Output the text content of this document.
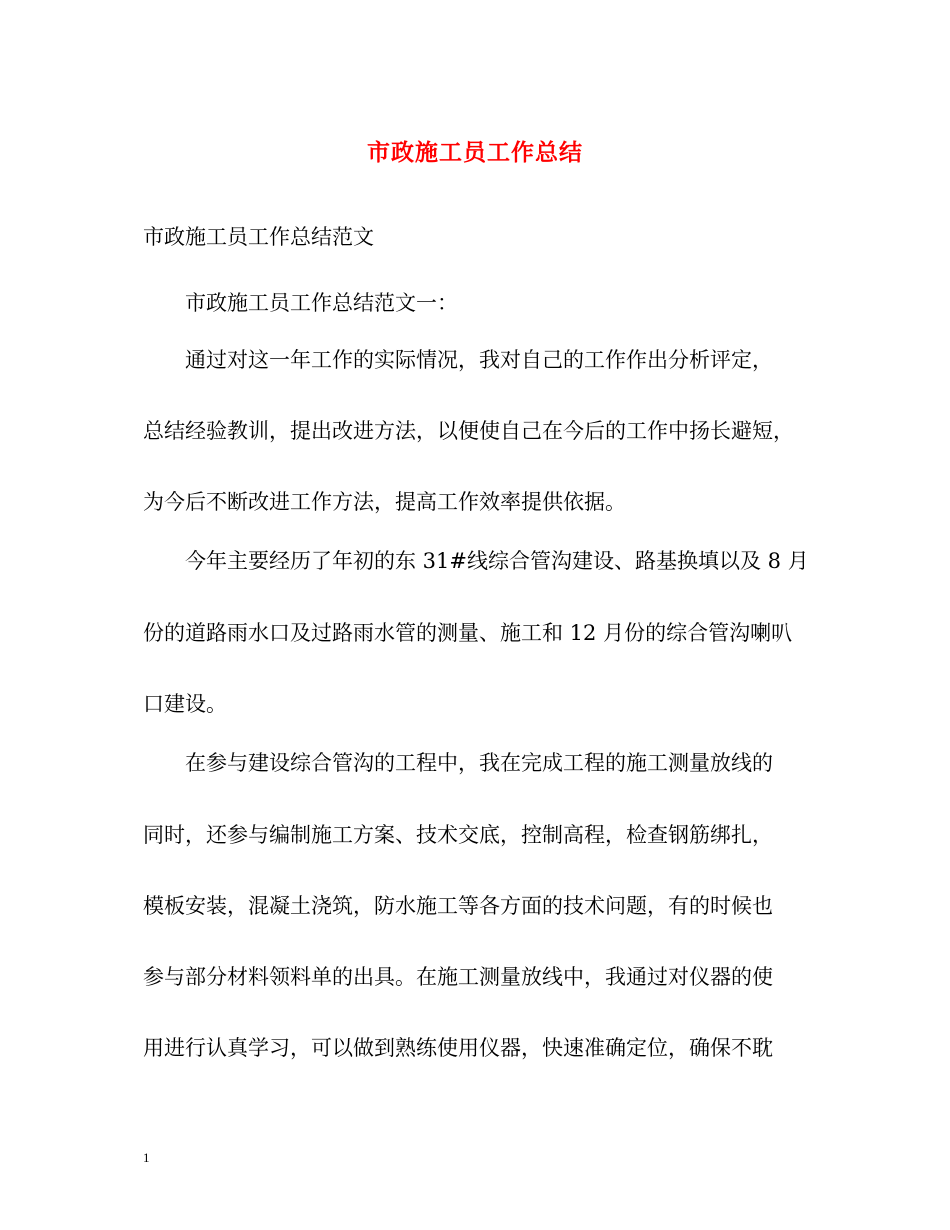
市政施工员工作总结
市政施工员工作总结范文
市政施工员工作总结范文一：
通过对这一年工作的实际情况，我对自己的工作作出分析评定，
总结经验教训，提出改进方法，以便使自己在今后的工作中扬长避短，
为今后不断改进工作方法，提高工作效率提供依据。
今年主要经历了年初的东 31#线综合管沟建设、路基换填以及 8 月
份的道路雨水口及过路雨水管的测量、施工和 12 月份的综合管沟喇叭
口建设。
在参与建设综合管沟的工程中，我在完成工程的施工测量放线的
同时，还参与编制施工方案、技术交底，控制高程，检查钢筋绑扎，
模板安装，混凝土浇筑，防水施工等各方面的技术问题，有的时候也
参与部分材料领料单的出具。在施工测量放线中，我通过对仪器的使
用进行认真学习，可以做到熟练使用仪器，快速准确定位，确保不耽
1
